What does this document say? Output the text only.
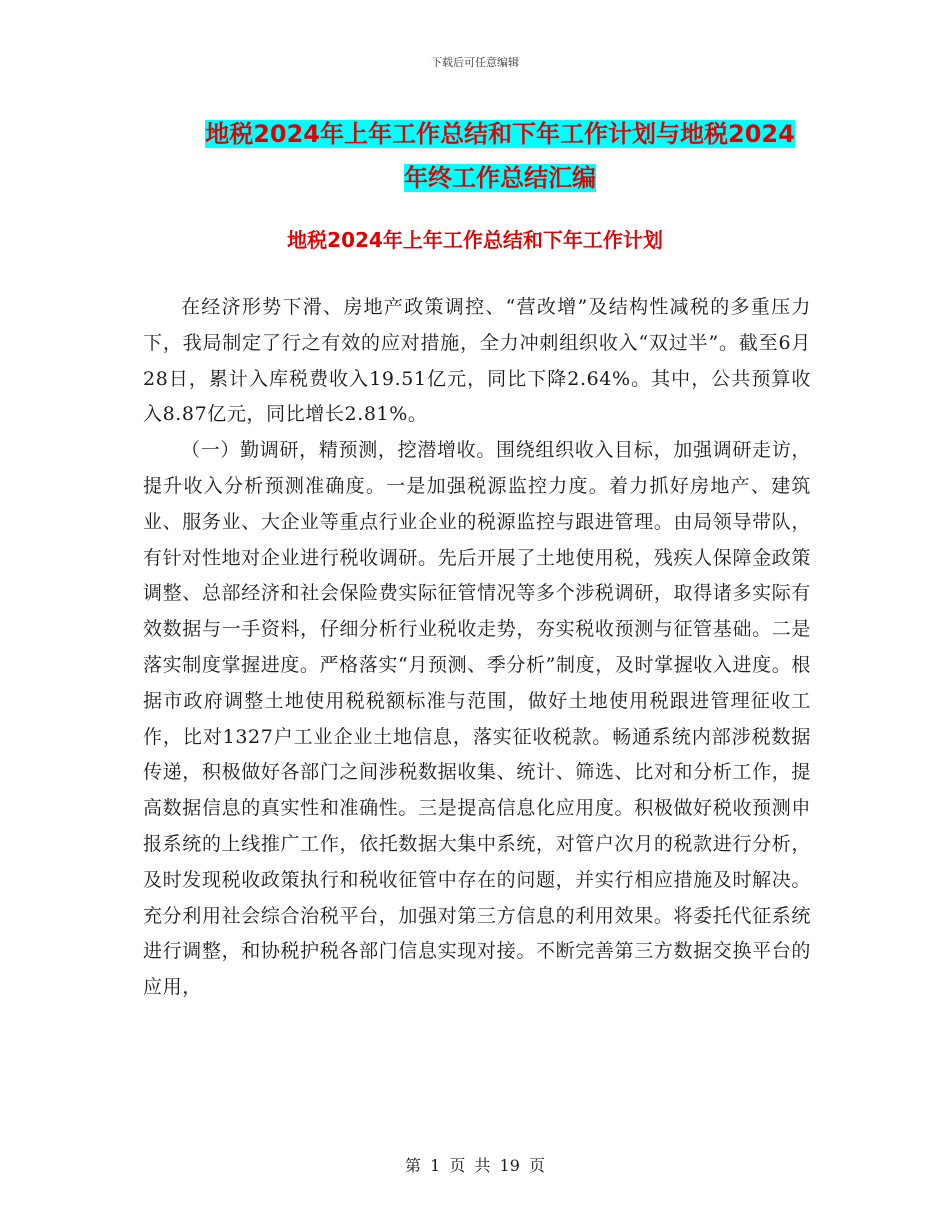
下载后可任意编辑
地税2024年上年工作总结和下年工作计划与地税2024
年终工作总结汇编
地税2024年上年工作总结和下年工作计划

在经济形势下滑、房地产政策调控、“营改增”及结构性减税的多重压力下，我局制定了行之有效的应对措施，全力冲刺组织收入“双过半”。截至6月28日，累计入库税费收入19.51亿元，同比下降2.64%。其中，公共预算收入8.87亿元，同比增长2.81%。

（一）勤调研，精预测，挖潜增收。围绕组织收入目标，加强调研走访，提升收入分析预测准确度。一是加强税源监控力度。着力抓好房地产、建筑业、服务业、大企业等重点行业企业的税源监控与跟进管理。由局领导带队，有针对性地对企业进行税收调研。先后开展了土地使用税，残疾人保障金政策调整、总部经济和社会保险费实际征管情况等多个涉税调研，取得诸多实际有效数据与一手资料，仔细分析行业税收走势，夯实税收预测与征管基础。二是落实制度掌握进度。严格落实“月预测、季分析”制度，及时掌握收入进度。根据市政府调整土地使用税税额标准与范围，做好土地使用税跟进管理征收工作，比对1327户工业企业土地信息，落实征收税款。畅通系统内部涉税数据传递，积极做好各部门之间涉税数据收集、统计、筛选、比对和分析工作，提高数据信息的真实性和准确性。三是提高信息化应用度。积极做好税收预测申报系统的上线推广工作，依托数据大集中系统，对管户次月的税款进行分析，及时发现税收政策执行和税收征管中存在的问题，并实行相应措施及时解决。充分利用社会综合治税平台，加强对第三方信息的利用效果。将委托代征系统进行调整，和协税护税各部门信息实现对接。不断完善第三方数据交换平台的应用，

第 1 页 共 19 页
